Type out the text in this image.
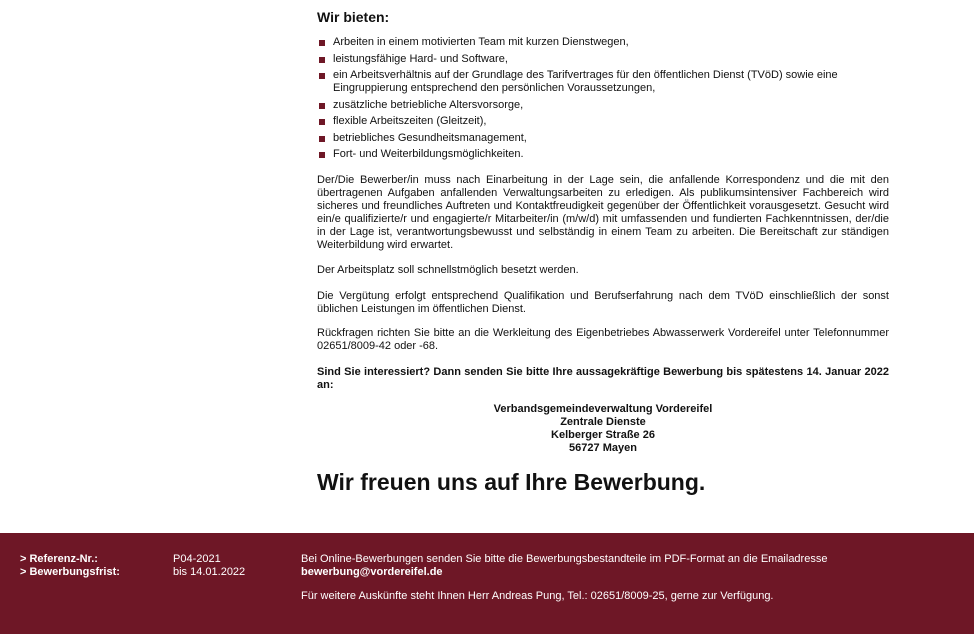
Wir bieten:
Arbeiten in einem motivierten Team mit kurzen Dienstwegen,
leistungsfähige Hard- und Software,
ein Arbeitsverhältnis auf der Grundlage des Tarifvertrages für den öffentlichen Dienst (TVöD) sowie eine Eingruppierung entsprechend den persönlichen Voraussetzungen,
zusätzliche betriebliche Altersvorsorge,
flexible Arbeitszeiten (Gleitzeit),
betriebliches Gesundheitsmanagement,
Fort- und Weiterbildungsmöglichkeiten.

Der/Die Bewerber/in muss nach Einarbeitung in der Lage sein, die anfallende Korrespondenz und die mit den übertragenen Aufgaben anfallenden Verwaltungsarbeiten zu erledigen. Als publikumsintensiver Fachbereich wird sicheres und freundliches Auftreten und Kontaktfreudigkeit gegenüber der Öffentlichkeit vorausgesetzt. Gesucht wird ein/e qualifizierte/r und engagierte/r Mitarbeiter/in (m/w/d) mit umfassenden und fundierten Fachkenntnissen, der/die in der Lage ist, verantwortungsbewusst und selbständig in einem Team zu arbeiten. Die Bereitschaft zur ständigen Weiterbildung wird erwartet.

Der Arbeitsplatz soll schnellstmöglich besetzt werden.

Die Vergütung erfolgt entsprechend Qualifikation und Berufserfahrung nach dem TVöD einschließlich der sonst üblichen Leistungen im öffentlichen Dienst.

Rückfragen richten Sie bitte an die Werkleitung des Eigenbetriebes Abwasserwerk Vordereifel unter Telefonnummer 02651/8009-42 oder -68.

Sind Sie interessiert? Dann senden Sie bitte Ihre aussagekräftige Bewerbung bis spätestens 14. Januar 2022 an:

Verbandsgemeindeverwaltung Vordereifel
Zentrale Dienste
Kelberger Straße 26
56727 Mayen
Wir freuen uns auf Ihre Bewerbung.
> Referenz-Nr.:
> Bewerbungsfrist:
P04-2021
bis 14.01.2022
Bei Online-Bewerbungen senden Sie bitte die Bewerbungsbestandteile im PDF-Format an die Emailadresse
bewerbung@vordereifel.de
Für weitere Auskünfte steht Ihnen Herr Andreas Pung, Tel.: 02651/8009-25, gerne zur Verfügung.
